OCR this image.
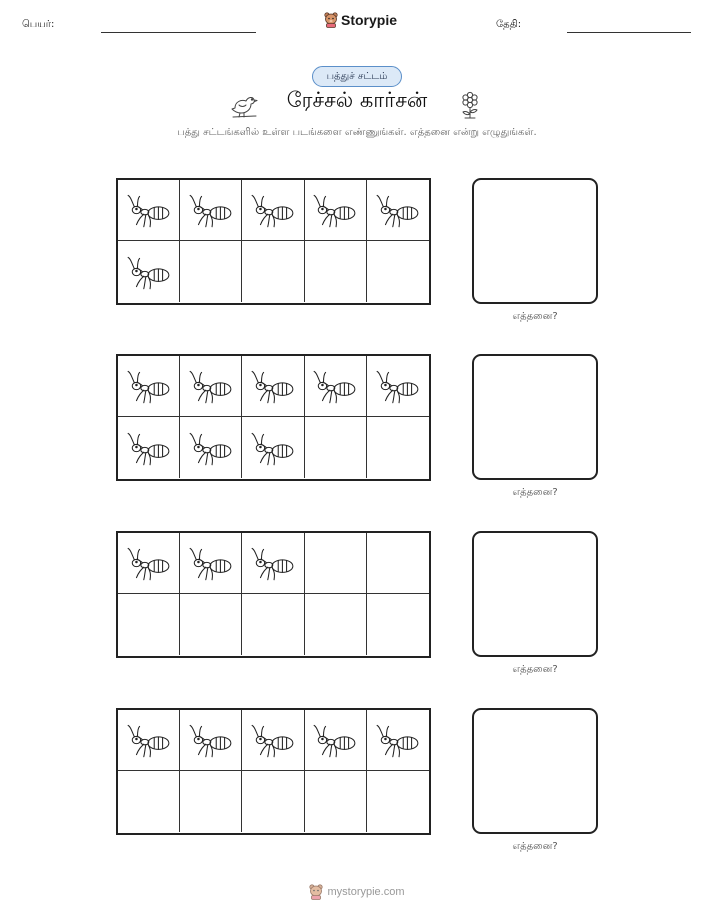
பெயர்:	Storypie	தேதி:
பத்துச் சட்டம்
ரேச்சல் கார்சன்
பத்து சட்டங்களில் உள்ள படங்களை எண்ணுங்கள். எத்தனை என்று எழுதுங்கள்.
எத்தனை?
எத்தனை?
எத்தனை?
எத்தனை?
mystorypie.com
